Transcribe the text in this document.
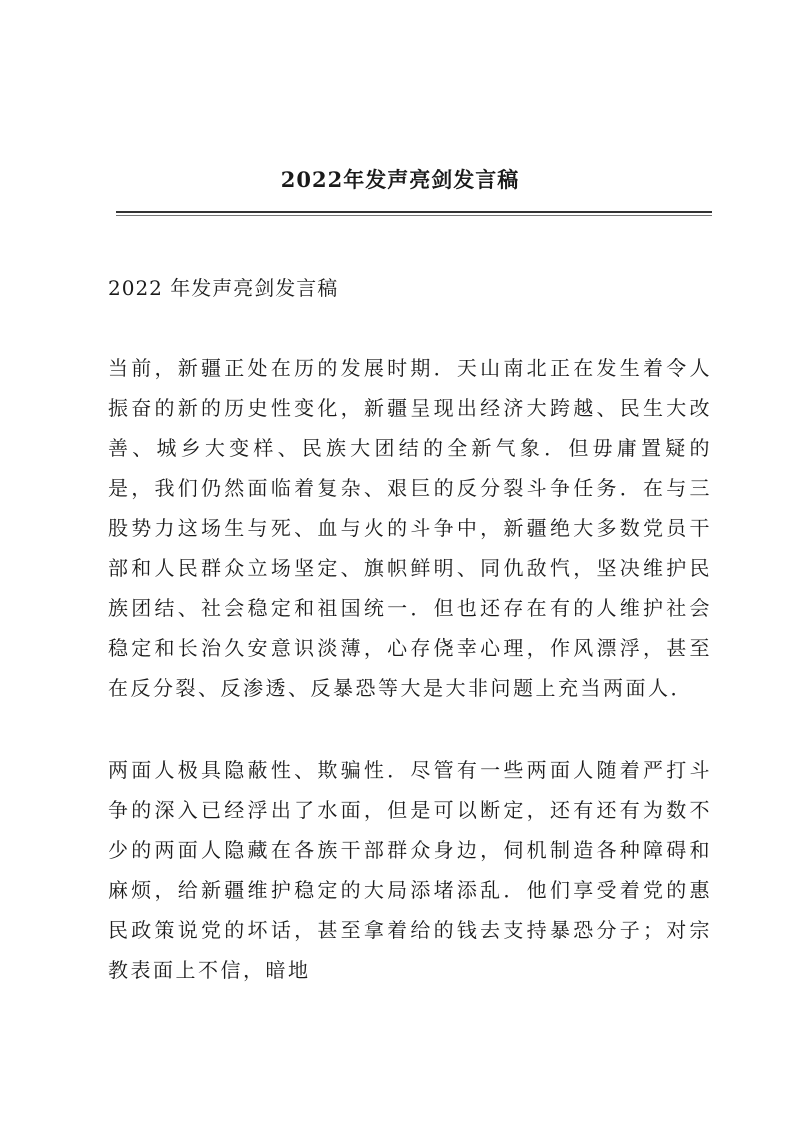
2022年发声亮剑发言稿

2022 年发声亮剑发言稿

当前，新疆正处在历的发展时期．天山南北正在发生着令人振奋的新的历史性变化，新疆呈现出经济大跨越、民生大改善、城乡大变样、民族大团结的全新气象．但毋庸置疑的是，我们仍然面临着复杂、艰巨的反分裂斗争任务．在与三股势力这场生与死、血与火的斗争中，新疆绝大多数党员干部和人民群众立场坚定、旗帜鲜明、同仇敌忾，坚决维护民族团结、社会稳定和祖国统一．但也还存在有的人维护社会稳定和长治久安意识淡薄，心存侥幸心理，作风漂浮，甚至在反分裂、反渗透、反暴恐等大是大非问题上充当两面人．

两面人极具隐蔽性、欺骗性．尽管有一些两面人随着严打斗争的深入已经浮出了水面，但是可以断定，还有还有为数不少的两面人隐藏在各族干部群众身边，伺机制造各种障碍和麻烦，给新疆维护稳定的大局添堵添乱．他们享受着党的惠民政策说党的坏话，甚至拿着给的钱去支持暴恐分子；对宗教表面上不信，暗地
